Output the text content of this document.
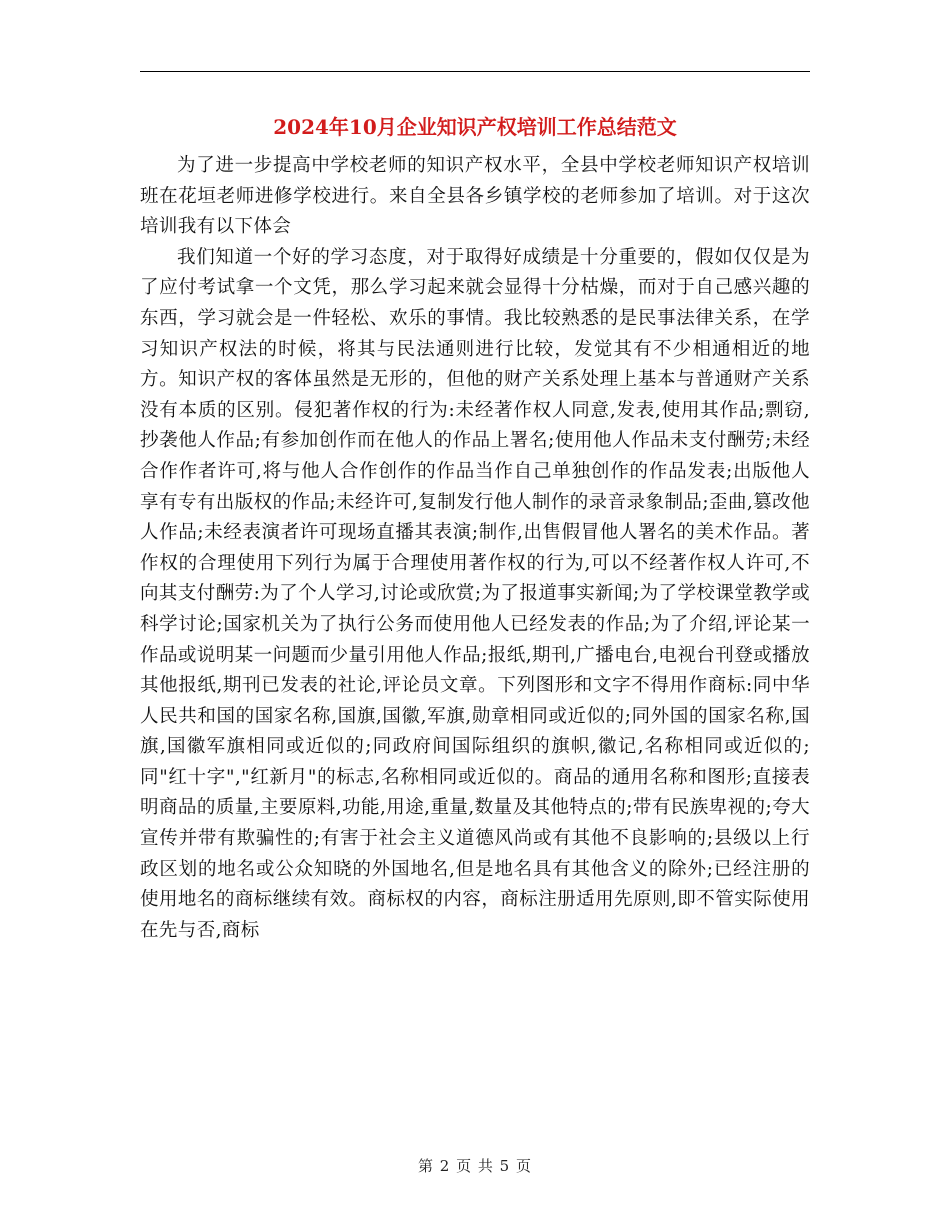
2024年10月企业知识产权培训工作总结范文

为了进一步提高中学校老师的知识产权水平，全县中学校老师知识产权培训班在花垣老师进修学校进行。来自全县各乡镇学校的老师参加了培训。对于这次培训我有以下体会

我们知道一个好的学习态度，对于取得好成绩是十分重要的，假如仅仅是为了应付考试拿一个文凭，那么学习起来就会显得十分枯燥，而对于自己感兴趣的东西，学习就会是一件轻松、欢乐的事情。我比较熟悉的是民事法律关系，在学习知识产权法的时候，将其与民法通则进行比较，发觉其有不少相通相近的地方。知识产权的客体虽然是无形的，但他的财产关系处理上基本与普通财产关系没有本质的区别。侵犯著作权的行为:未经著作权人同意,发表,使用其作品;剽窃,抄袭他人作品;有参加创作而在他人的作品上署名;使用他人作品未支付酬劳;未经合作作者许可,将与他人合作创作的作品当作自己单独创作的作品发表;出版他人享有专有出版权的作品;未经许可,复制发行他人制作的录音录象制品;歪曲,篡改他人作品;未经表演者许可现场直播其表演;制作,出售假冒他人署名的美术作品。著作权的合理使用下列行为属于合理使用著作权的行为,可以不经著作权人许可,不向其支付酬劳:为了个人学习,讨论或欣赏;为了报道事实新闻;为了学校课堂教学或科学讨论;国家机关为了执行公务而使用他人已经发表的作品;为了介绍,评论某一作品或说明某一问题而少量引用他人作品;报纸,期刊,广播电台,电视台刊登或播放其他报纸,期刊已发表的社论,评论员文章。下列图形和文字不得用作商标:同中华人民共和国的国家名称,国旗,国徽,军旗,勋章相同或近似的;同外国的国家名称,国旗,国徽军旗相同或近似的;同政府间国际组织的旗帜,徽记,名称相同或近似的;同"红十字","红新月"的标志,名称相同或近似的。商品的通用名称和图形;直接表明商品的质量,主要原料,功能,用途,重量,数量及其他特点的;带有民族卑视的;夸大宣传并带有欺骗性的;有害于社会主义道德风尚或有其他不良影响的;县级以上行政区划的地名或公众知晓的外国地名,但是地名具有其他含义的除外;已经注册的使用地名的商标继续有效。商标权的内容，商标注册适用先原则,即不管实际使用在先与否,商标

第 2 页 共 5 页
